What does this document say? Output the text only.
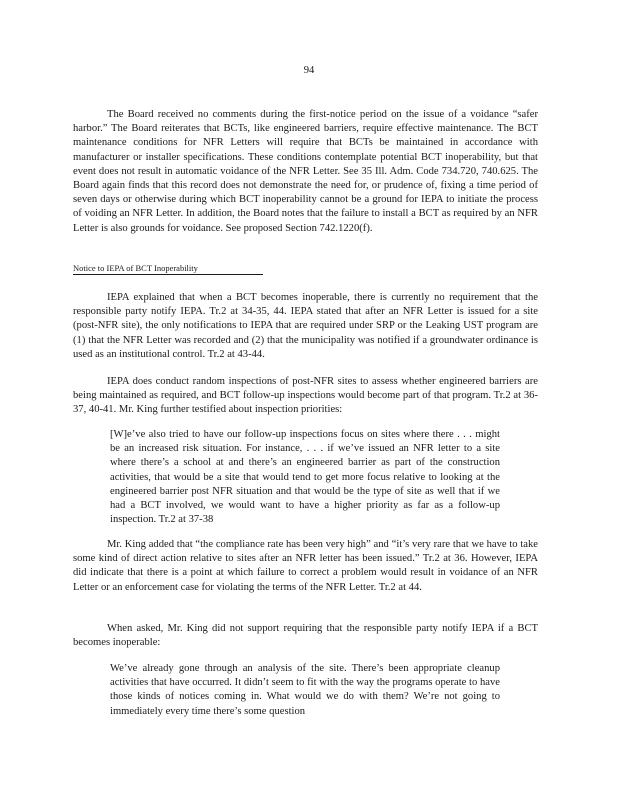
94

The Board received no comments during the first-notice period on the issue of a voidance “safer harbor.” The Board reiterates that BCTs, like engineered barriers, require effective maintenance. The BCT maintenance conditions for NFR Letters will require that BCTs be maintained in accordance with manufacturer or installer specifications. These conditions contemplate potential BCT inoperability, but that event does not result in automatic voidance of the NFR Letter. See 35 Ill. Adm. Code 734.720, 740.625. The Board again finds that this record does not demonstrate the need for, or prudence of, fixing a time period of seven days or otherwise during which BCT inoperability cannot be a ground for IEPA to initiate the process of voiding an NFR Letter. In addition, the Board notes that the failure to install a BCT as required by an NFR Letter is also grounds for voidance. See proposed Section 742.1220(f).

Notice to IEPA of BCT Inoperability

IEPA explained that when a BCT becomes inoperable, there is currently no requirement that the responsible party notify IEPA. Tr.2 at 34-35, 44. IEPA stated that after an NFR Letter is issued for a site (post-NFR site), the only notifications to IEPA that are required under SRP or the Leaking UST program are (1) that the NFR Letter was recorded and (2) that the municipality was notified if a groundwater ordinance is used as an institutional control. Tr.2 at 43-44.

IEPA does conduct random inspections of post-NFR sites to assess whether engineered barriers are being maintained as required, and BCT follow-up inspections would become part of that program. Tr.2 at 36-37, 40-41. Mr. King further testified about inspection priorities:

[W]e’ve also tried to have our follow-up inspections focus on sites where there . . . might be an increased risk situation. For instance, . . . if we’ve issued an NFR letter to a site where there’s a school at and there’s an engineered barrier as part of the construction activities, that would be a site that would tend to get more focus relative to looking at the engineered barrier post NFR situation and that would be the type of site as well that if we had a BCT involved, we would want to have a higher priority as far as a follow-up inspection. Tr.2 at 37-38

Mr. King added that “the compliance rate has been very high” and “it’s very rare that we have to take some kind of direct action relative to sites after an NFR letter has been issued.” Tr.2 at 36. However, IEPA did indicate that there is a point at which failure to correct a problem would result in voidance of an NFR Letter or an enforcement case for violating the terms of the NFR Letter. Tr.2 at 44.

When asked, Mr. King did not support requiring that the responsible party notify IEPA if a BCT becomes inoperable:

We’ve already gone through an analysis of the site. There’s been appropriate cleanup activities that have occurred. It didn’t seem to fit with the way the programs operate to have those kinds of notices coming in. What would we do with them? We’re not going to immediately every time there’s some question
